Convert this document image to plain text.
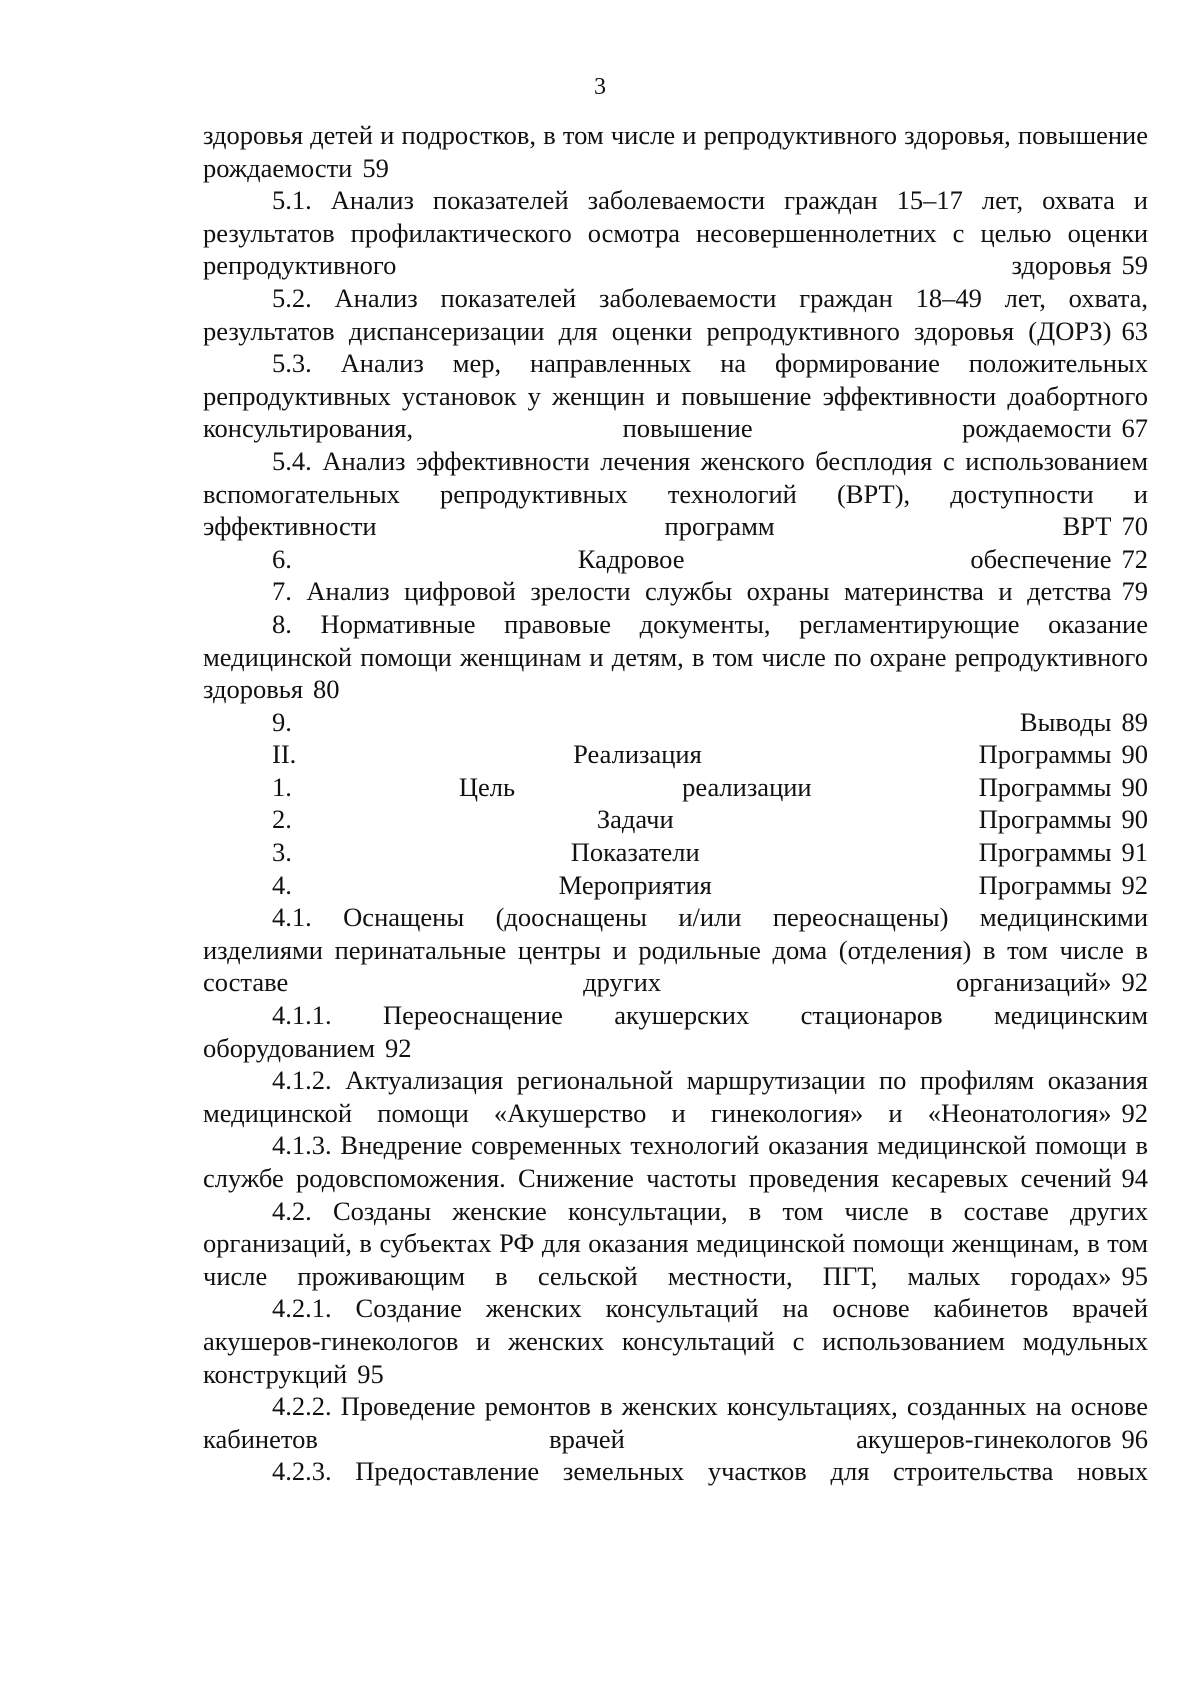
3

здоровья детей и подростков, в том числе и репродуктивного здоровья, повышение рождаемости 59

5.1. Анализ показателей заболеваемости граждан 15–17 лет, охвата и результатов профилактического осмотра несовершеннолетних с целью оценки репродуктивного здоровья 59

5.2. Анализ показателей заболеваемости граждан 18–49 лет, охвата, результатов диспансеризации для оценки репродуктивного здоровья (ДОРЗ) 63

5.3. Анализ мер, направленных на формирование положительных репродуктивных установок у женщин и повышение эффективности доабортного консультирования, повышение рождаемости 67

5.4. Анализ эффективности лечения женского бесплодия с использованием вспомогательных репродуктивных технологий (ВРТ), доступности и эффективности программ ВРТ 70

6. Кадровое обеспечение 72

7. Анализ цифровой зрелости службы охраны материнства и детства 79

8. Нормативные правовые документы, регламентирующие оказание медицинской помощи женщинам и детям, в том числе по охране репродуктивного здоровья 80

9. Выводы 89

II. Реализация Программы 90

1. Цель реализации Программы 90

2. Задачи Программы 90

3. Показатели Программы 91

4. Мероприятия Программы 92

4.1. Оснащены (дооснащены и/или переоснащены) медицинскими изделиями перинатальные центры и родильные дома (отделения) в том числе в составе других организаций» 92

4.1.1. Переоснащение акушерских стационаров медицинским оборудованием 92

4.1.2. Актуализация региональной маршрутизации по профилям оказания медицинской помощи «Акушерство и гинекология» и «Неонатология» 92

4.1.3. Внедрение современных технологий оказания медицинской помощи в службе родовспоможения. Снижение частоты проведения кесаревых сечений 94

4.2. Созданы женские консультации, в том числе в составе других организаций, в субъектах РФ для оказания медицинской помощи женщинам, в том числе проживающим в сельской местности, ПГТ, малых городах» 95

4.2.1. Создание женских консультаций на основе кабинетов врачей акушеров-гинекологов и женских консультаций с использованием модульных конструкций 95

4.2.2. Проведение ремонтов в женских консультациях, созданных на основе кабинетов врачей акушеров-гинекологов 96

4.2.3. Предоставление земельных участков для строительства новых
